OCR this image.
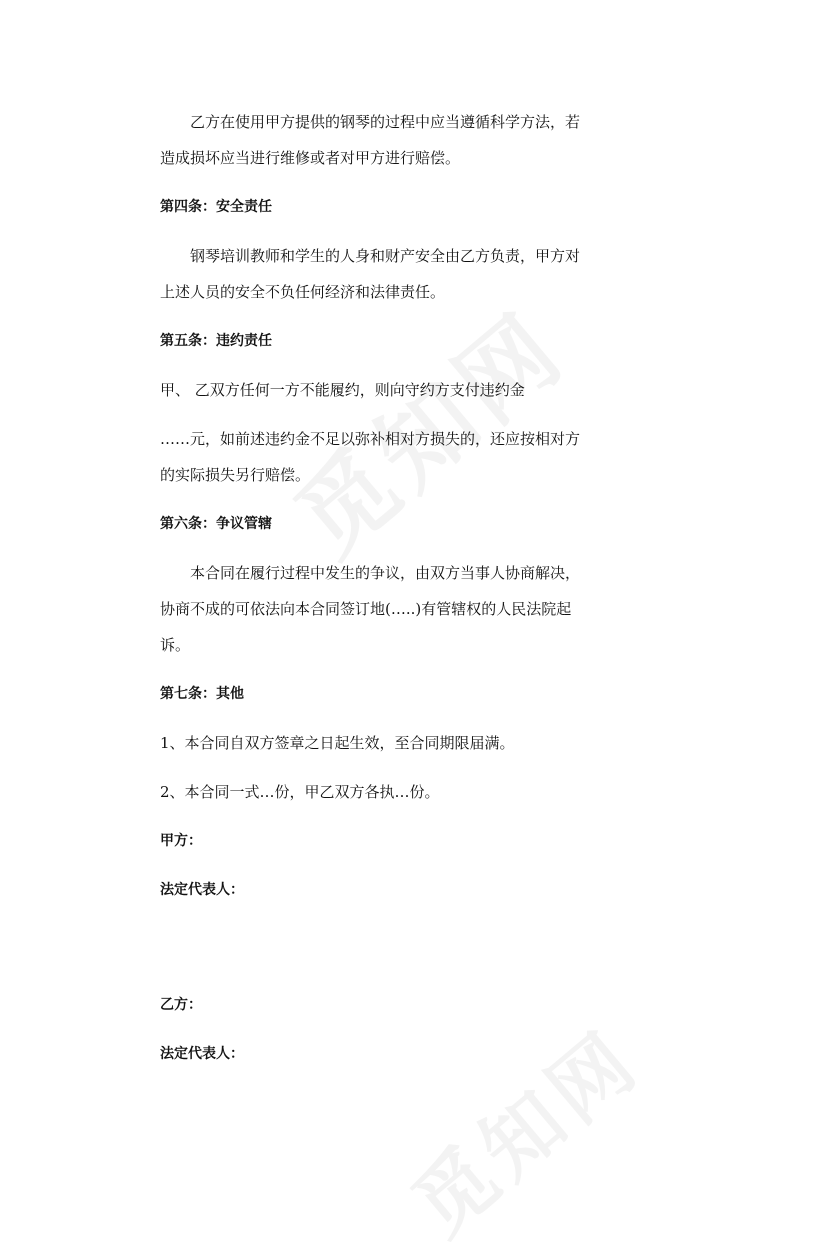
乙方在使用甲方提供的钢琴的过程中应当遵循科学方法，若造成损坏应当进行维修或者对甲方进行赔偿。

第四条：安全责任

钢琴培训教师和学生的人身和财产安全由乙方负责，甲方对上述人员的安全不负任何经济和法律责任。

第五条：违约责任

甲、 乙双方任何一方不能履约，则向守约方支付违约金

……元，如前述违约金不足以弥补相对方损失的，还应按相对方的实际损失另行赔偿。

第六条：争议管辖

本合同在履行过程中发生的争议，由双方当事人协商解决，协商不成的可依法向本合同签订地(…..)有管辖权的人民法院起诉。

第七条：其他

1、本合同自双方签章之日起生效，至合同期限届满。

2、本合同一式…份，甲乙双方各执…份。

甲方：
法定代表人：
乙方：
法定代表人：
